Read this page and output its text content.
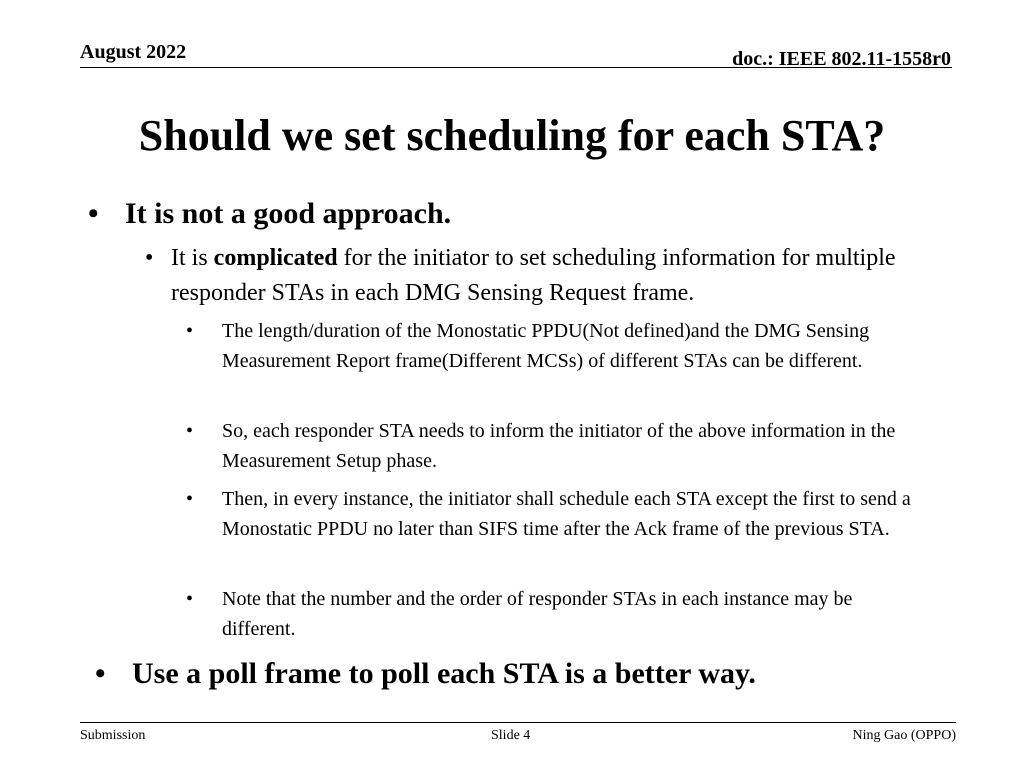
August 2022	doc.: IEEE 802.11-1558r0
Should we set scheduling for each STA?
• It is not a good approach.
• It is complicated for the initiator to set scheduling information for multiple responder STAs in each DMG Sensing Request frame.
• The length/duration of the Monostatic PPDU(Not defined)and the DMG Sensing Measurement Report frame(Different MCSs) of different STAs can be different.
• So, each responder STA needs to inform the initiator of the above information in the Measurement Setup phase.
• Then, in every instance, the initiator shall schedule each STA except the first to send a Monostatic PPDU no later than SIFS time after the Ack frame of the previous STA.
• Note that the number and the order of responder STAs in each instance may be different.
• Use a poll frame to poll each STA is a better way.
Submission	Slide 4	Ning Gao (OPPO)
